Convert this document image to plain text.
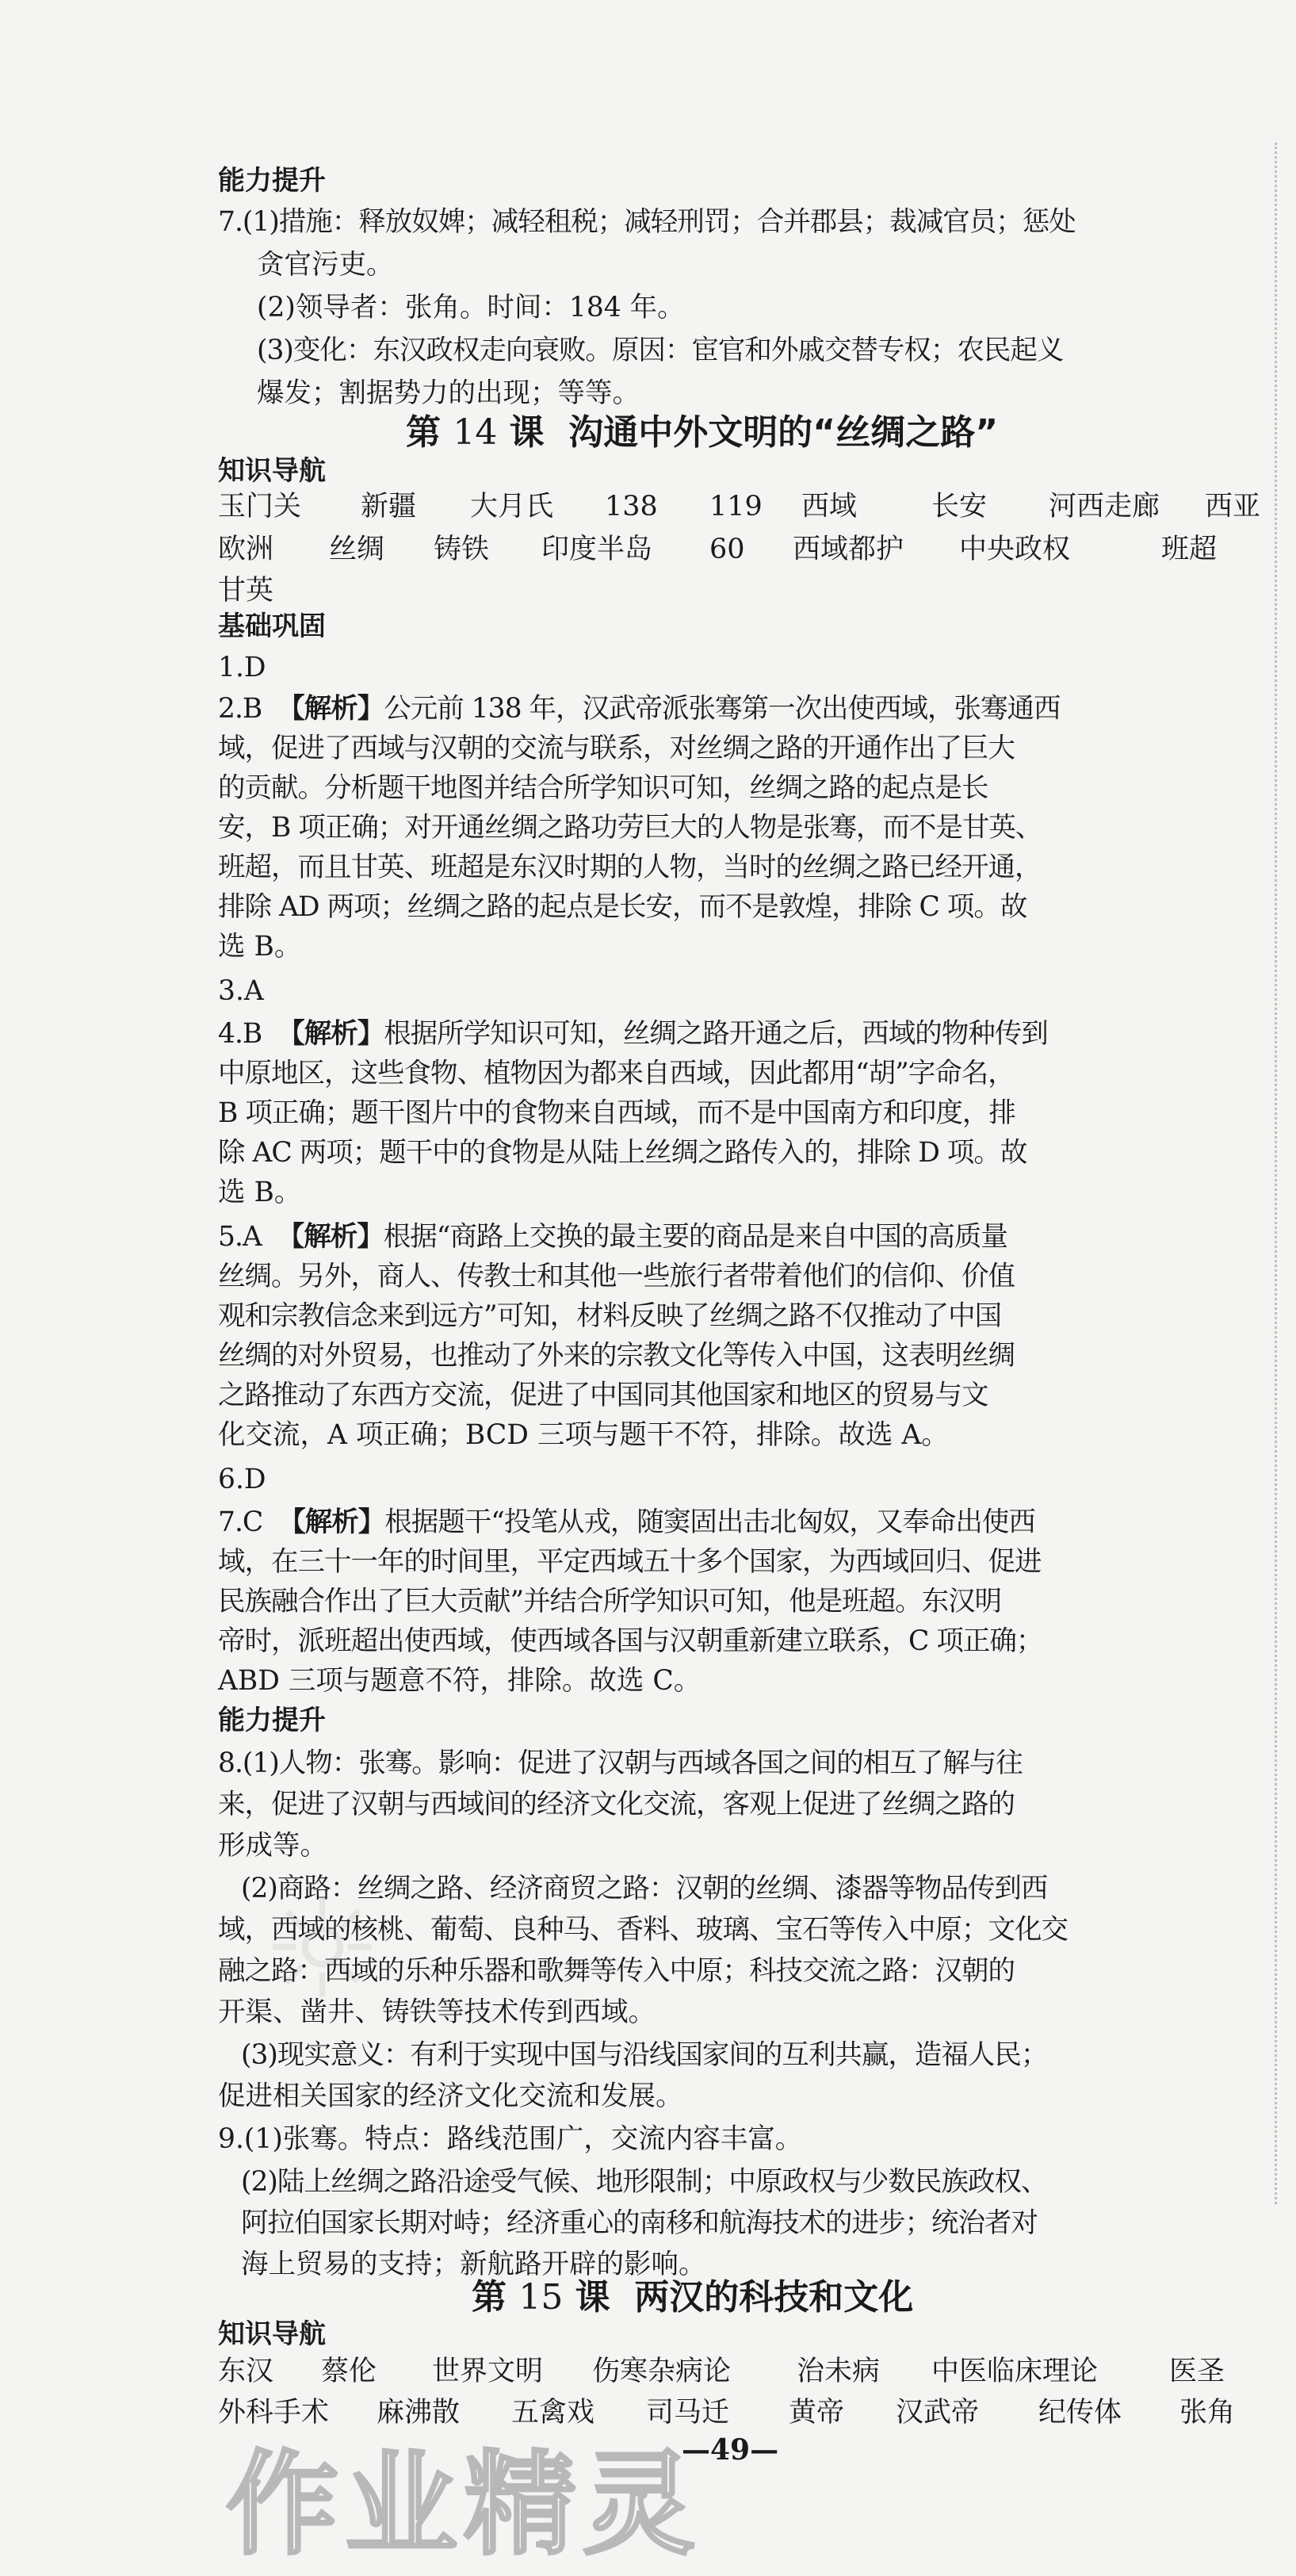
☼
能力提升
7.(1)措施：释放奴婢；减轻租税；减轻刑罚；合并郡县；裁减官员；惩处
贪官污吏。
(2)领导者：张角。时间：184 年。
(3)变化：东汉政权走向衰败。原因：宦官和外戚交替专权；农民起义
爆发；割据势力的出现；等等。
第 14 课 沟通中外文明的“丝绸之路”
知识导航
玉门关 新疆 大月氏 138 119 西域	长安 河西走廊 西亚
欧洲 丝绸 铸铁 印度半岛 60 西域都护 中央政权	班超
甘英
基础巩固
1.D
2.B 【解析】公元前 138 年，汉武帝派张骞第一次出使西域，张骞通西
域，促进了西域与汉朝的交流与联系，对丝绸之路的开通作出了巨大
的贡献。分析题干地图并结合所学知识可知，丝绸之路的起点是长
安，B 项正确；对开通丝绸之路功劳巨大的人物是张骞，而不是甘英、
班超，而且甘英、班超是东汉时期的人物，当时的丝绸之路已经开通，
排除 AD 两项；丝绸之路的起点是长安，而不是敦煌，排除 C 项。故
选 B。
3.A
4.B 【解析】根据所学知识可知，丝绸之路开通之后，西域的物种传到
中原地区，这些食物、植物因为都来自西域，因此都用“胡”字命名，
B 项正确；题干图片中的食物来自西域，而不是中国南方和印度，排
除 AC 两项；题干中的食物是从陆上丝绸之路传入的，排除 D 项。故
选 B。
5.A 【解析】根据“商路上交换的最主要的商品是来自中国的高质量
丝绸。另外，商人、传教士和其他一些旅行者带着他们的信仰、价值
观和宗教信念来到远方”可知，材料反映了丝绸之路不仅推动了中国
丝绸的对外贸易，也推动了外来的宗教文化等传入中国，这表明丝绸
之路推动了东西方交流，促进了中国同其他国家和地区的贸易与文
化交流，A 项正确；BCD 三项与题干不符，排除。故选 A。
6.D
7.C 【解析】根据题干“投笔从戎，随窦固出击北匈奴，又奉命出使西
域，在三十一年的时间里，平定西域五十多个国家，为西域回归、促进
民族融合作出了巨大贡献”并结合所学知识可知，他是班超。东汉明
帝时，派班超出使西域，使西域各国与汉朝重新建立联系，C 项正确；
ABD 三项与题意不符，排除。故选 C。
能力提升
8.(1)人物：张骞。影响：促进了汉朝与西域各国之间的相互了解与往
来，促进了汉朝与西域间的经济文化交流，客观上促进了丝绸之路的
形成等。
(2)商路：丝绸之路、经济商贸之路：汉朝的丝绸、漆器等物品传到西
域，西域的核桃、葡萄、良种马、香料、玻璃、宝石等传入中原；文化交
融之路：西域的乐种乐器和歌舞等传入中原；科技交流之路：汉朝的
开渠、凿井、铸铁等技术传到西域。
(3)现实意义：有利于实现中国与沿线国家间的互利共赢，造福人民；
促进相关国家的经济文化交流和发展。
9.(1)张骞。特点：路线范围广，交流内容丰富。
(2)陆上丝绸之路沿途受气候、地形限制；中原政权与少数民族政权、
阿拉伯国家长期对峙；经济重心的南移和航海技术的进步；统治者对
海上贸易的支持；新航路开辟的影响。
第 15 课 两汉的科技和文化
知识导航
东汉 蔡伦 世界文明 伤寒杂病论 治未病 中医临床理论	医圣
外科手术 麻沸散 五禽戏 司马迁 黄帝 汉武帝 纪传体 张角
—49—
作业精灵
